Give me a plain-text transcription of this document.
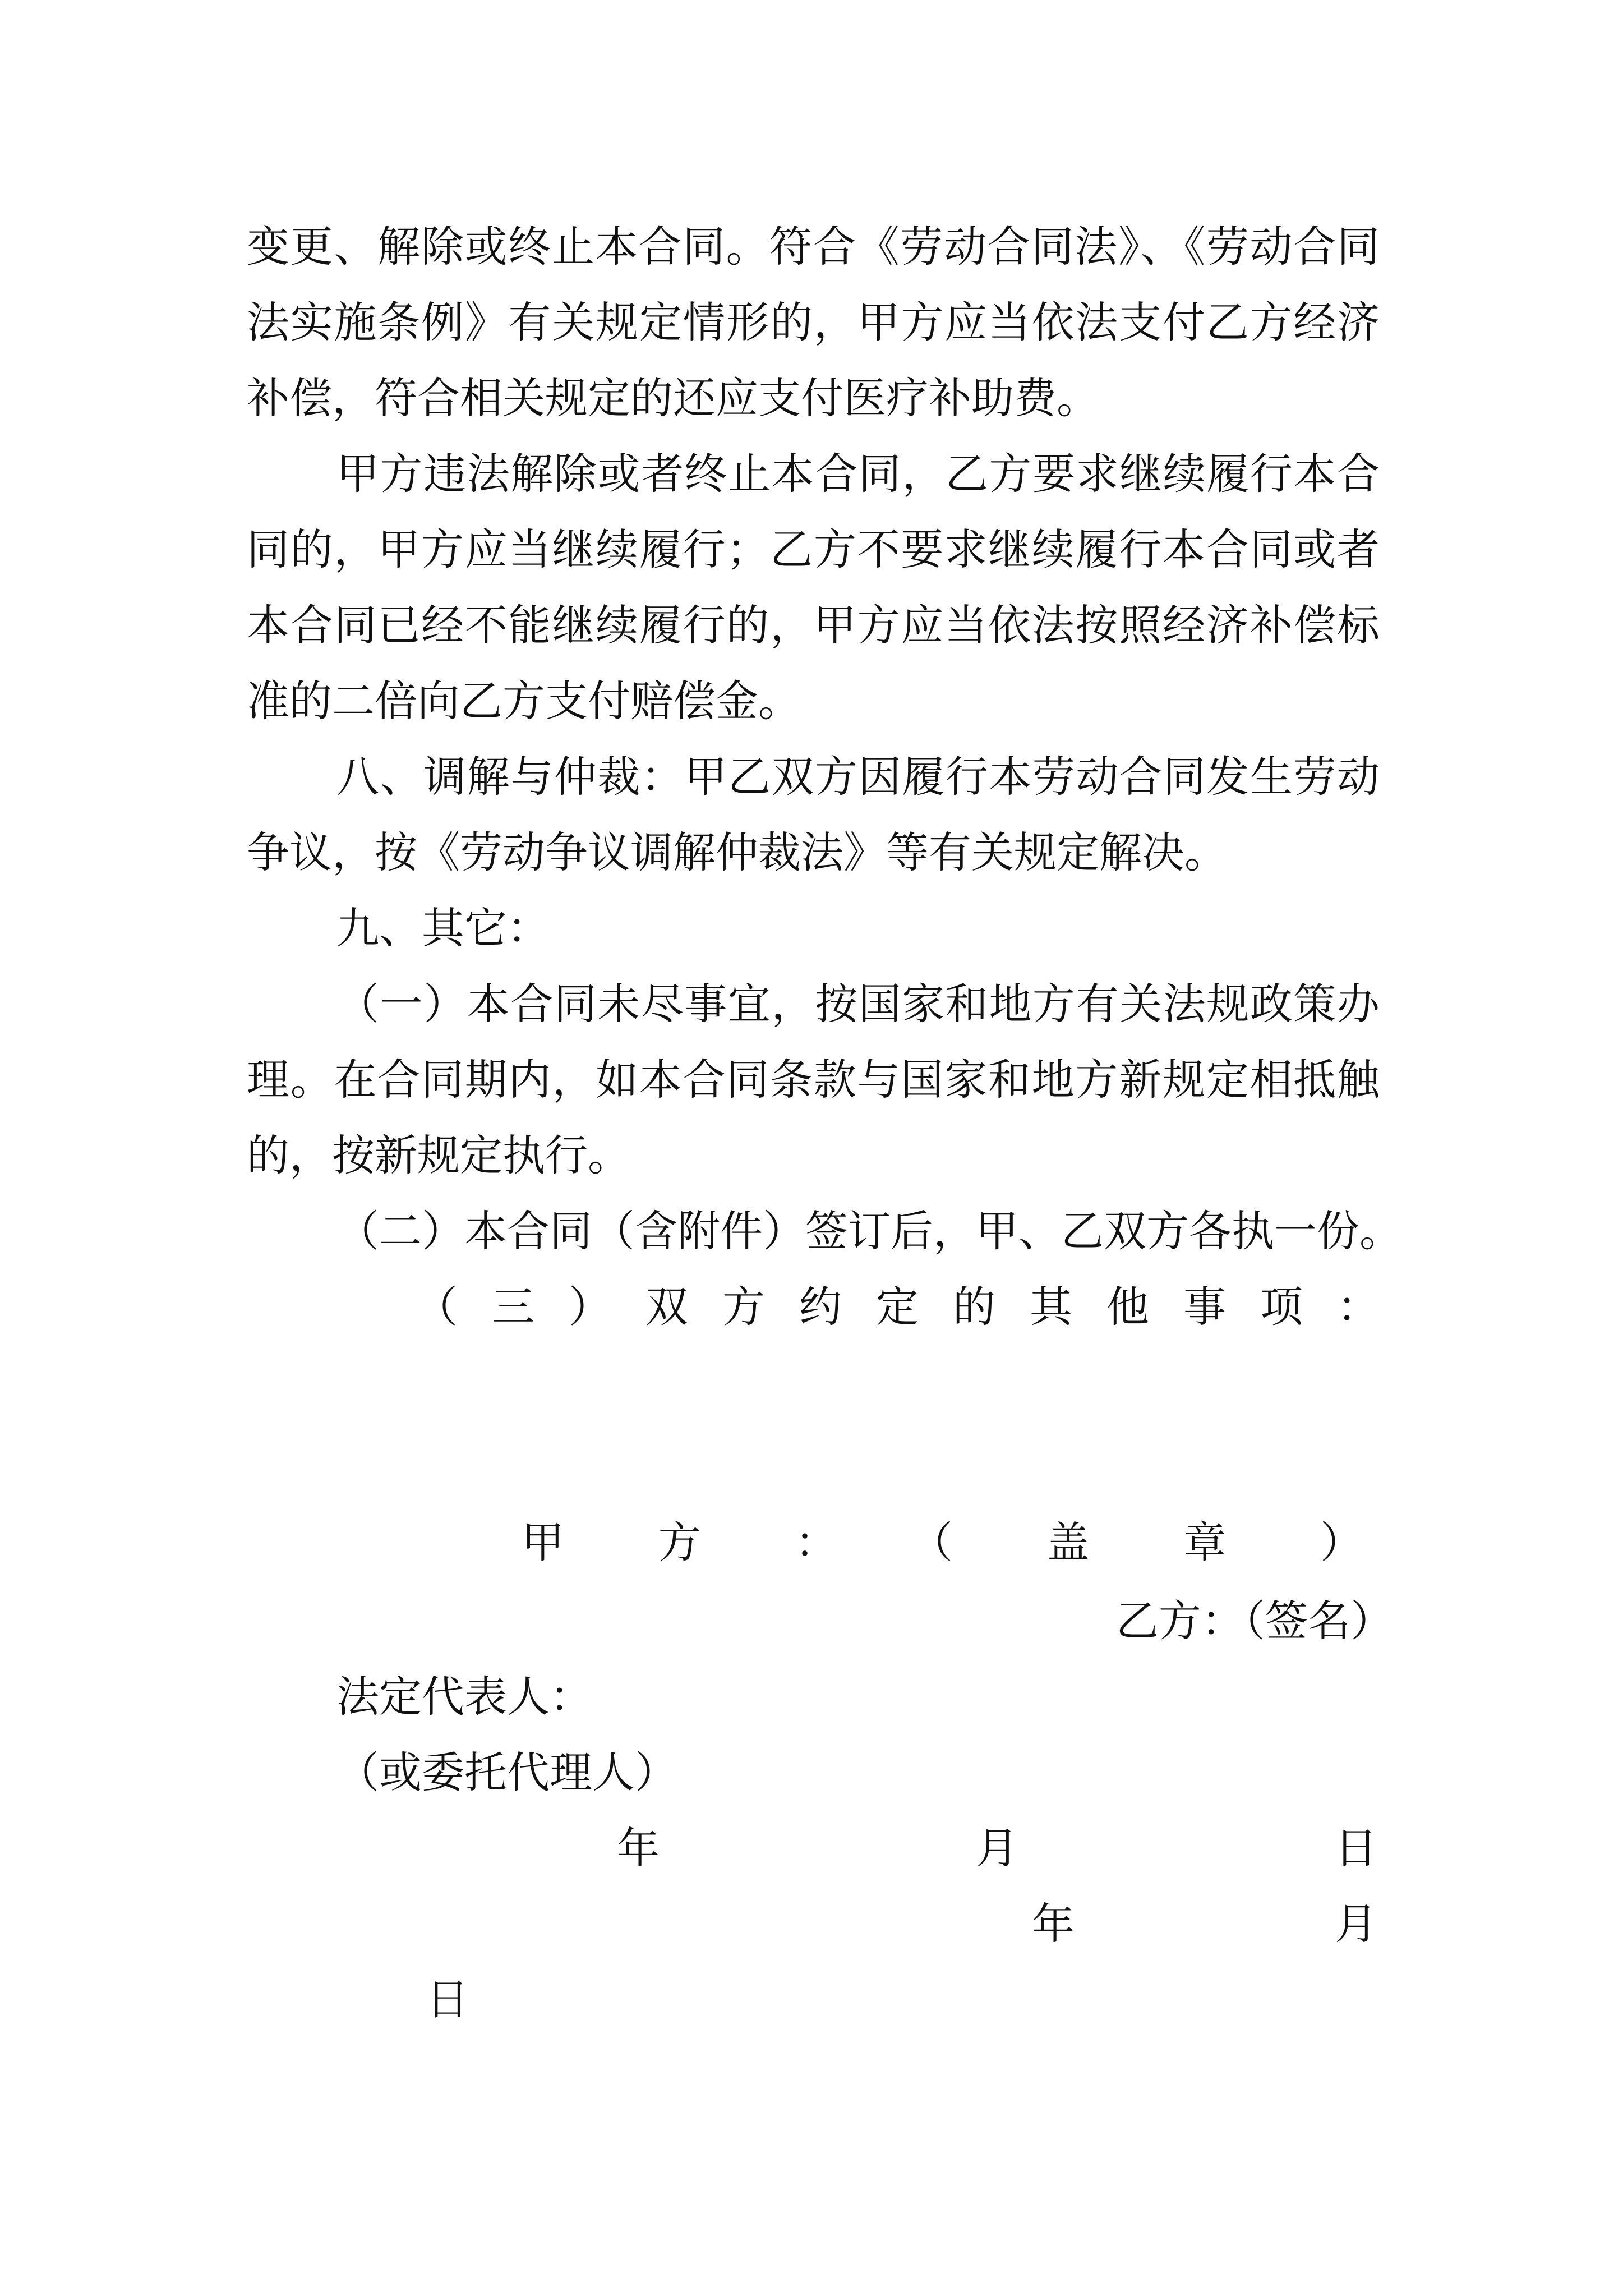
变更、解除或终止本合同。符合《劳动合同法》、《劳动合同
法实施条例》有关规定情形的，甲方应当依法支付乙方经济
补偿，符合相关规定的还应支付医疗补助费。
甲方违法解除或者终止本合同，乙方要求继续履行本合
同的，甲方应当继续履行；乙方不要求继续履行本合同或者
本合同已经不能继续履行的，甲方应当依法按照经济补偿标
准的二倍向乙方支付赔偿金。
八、调解与仲裁：甲乙双方因履行本劳动合同发生劳动
争议，按《劳动争议调解仲裁法》等有关规定解决。
九、其它：
（一）本合同未尽事宜，按国家和地方有关法规政策办
理。在合同期内，如本合同条款与国家和地方新规定相抵触
的，按新规定执行。
（二）本合同（含附件）签订后，甲、乙双方各执一份。
（三）双方约定的其他事项：
甲方：（盖章）
乙方：（签名）
法定代表人：
（或委托代理人）
年	月	日
年	月
日
